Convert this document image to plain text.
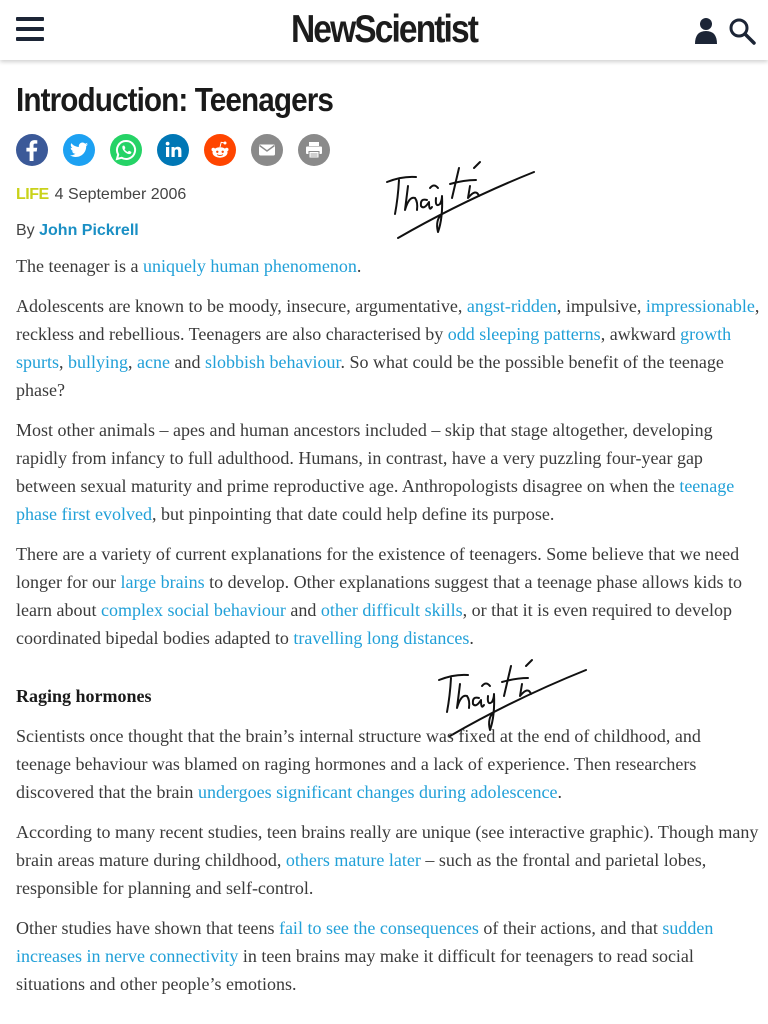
NewScientist
Introduction: Teenagers
LIFE 4 September 2006
By John Pickrell

The teenager is a uniquely human phenomenon.

Adolescents are known to be moody, insecure, argumentative, angst-ridden, impulsive, impressionable, reckless and rebellious. Teenagers are also characterised by odd sleeping patterns, awkward growth spurts, bullying, acne and slobbish behaviour. So what could be the possible benefit of the teenage phase?

Most other animals – apes and human ancestors included – skip that stage altogether, developing rapidly from infancy to full adulthood. Humans, in contrast, have a very puzzling four-year gap between sexual maturity and prime reproductive age. Anthropologists disagree on when the teenage phase first evolved, but pinpointing that date could help define its purpose.

There are a variety of current explanations for the existence of teenagers. Some believe that we need longer for our large brains to develop. Other explanations suggest that a teenage phase allows kids to learn about complex social behaviour and other difficult skills, or that it is even required to develop coordinated bipedal bodies adapted to travelling long distances.

Raging hormones

Scientists once thought that the brain’s internal structure was fixed at the end of childhood, and teenage behaviour was blamed on raging hormones and a lack of experience. Then researchers discovered that the brain undergoes significant changes during adolescence.

According to many recent studies, teen brains really are unique (see interactive graphic). Though many brain areas mature during childhood, others mature later – such as the frontal and parietal lobes, responsible for planning and self-control.

Other studies have shown that teens fail to see the consequences of their actions, and that sudden increases in nerve connectivity in teen brains may make it difficult for teenagers to read social situations and other people’s emotions.
